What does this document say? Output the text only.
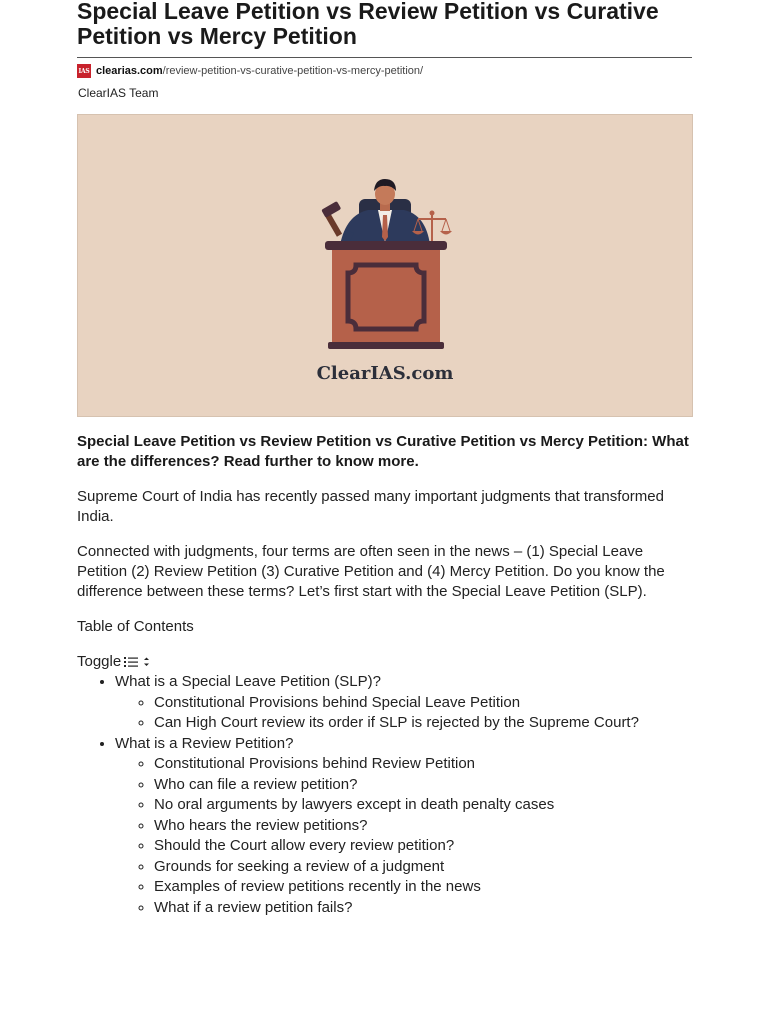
Special Leave Petition vs Review Petition vs Curative Petition vs Mercy Petition
IAS clearias.com /review-petition-vs-curative-petition-vs-mercy-petition/
ClearIAS Team
ClearIAS.com
Special Leave Petition vs Review Petition vs Curative Petition vs Mercy Petition: What are the differences? Read further to know more.

Supreme Court of India has recently passed many important judgments that transformed India.

Connected with judgments, four terms are often seen in the news – (1) Special Leave Petition (2) Review Petition (3) Curative Petition and (4) Mercy Petition. Do you know the difference between these terms? Let’s first start with the Special Leave Petition (SLP).

Table of Contents
Toggle
• What is a Special Leave Petition (SLP)?
◦ Constitutional Provisions behind Special Leave Petition
◦ Can High Court review its order if SLP is rejected by the Supreme Court?
• What is a Review Petition?
◦ Constitutional Provisions behind Review Petition
◦ Who can file a review petition?
◦ No oral arguments by lawyers except in death penalty cases
◦ Who hears the review petitions?
◦ Should the Court allow every review petition?
◦ Grounds for seeking a review of a judgment
◦ Examples of review petitions recently in the news
◦ What if a review petition fails?
